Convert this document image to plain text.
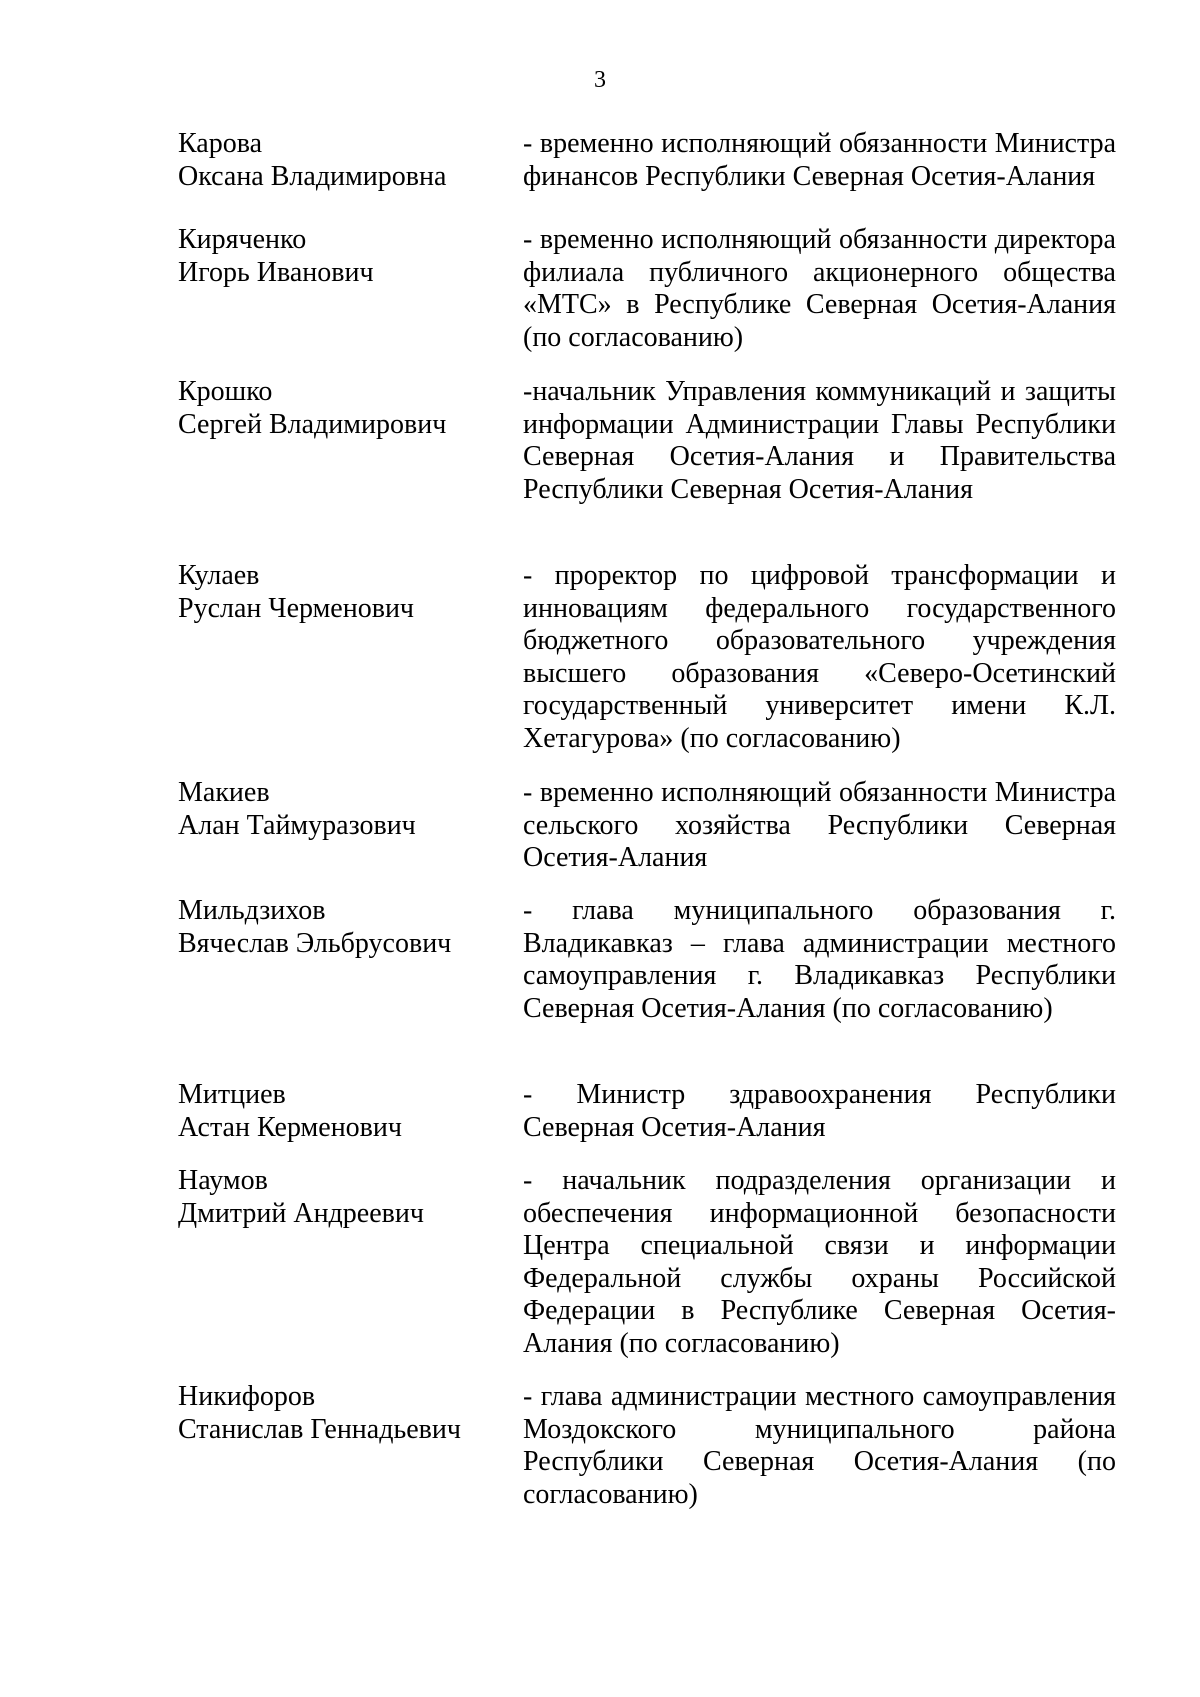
3
Карова
Оксана Владимировна
- временно исполняющий обязанности Министра финансов Республики Северная Осетия-Алания
Киряченко
Игорь Иванович
- временно исполняющий обязанности директора филиала публичного акционерного общества «МТС» в Республике Северная Осетия-Алания (по согласованию)
Крошко
Сергей Владимирович
-начальник Управления коммуникаций и защиты информации Администрации Главы Республики Северная Осетия-Алания и Правительства Республики Северная Осетия-Алания
Кулаев
Руслан Черменович
- проректор по цифровой трансформации и инновациям федерального государственного бюджетного образовательного учреждения высшего образования «Северо-Осетинский государственный университет имени К.Л. Хетагурова» (по согласованию)
Макиев
Алан Таймуразович
- временно исполняющий обязанности Министра сельского хозяйства Республики Северная Осетия-Алания
Мильдзихов
Вячеслав Эльбрусович
- глава муниципального образования г. Владикавказ – глава администрации местного самоуправления г. Владикавказ Республики Северная Осетия-Алания (по согласованию)
Митциев
Астан Керменович
- Министр здравоохранения Республики Северная Осетия-Алания
Наумов
Дмитрий Андреевич
- начальник подразделения организации и обеспечения информационной безопасности Центра специальной связи и информации Федеральной службы охраны Российской Федерации в Республике Северная Осетия-Алания (по согласованию)
Никифоров
Станислав Геннадьевич
- глава администрации местного самоуправления Моздокского муниципального района Республики Северная Осетия-Алания (по согласованию)
